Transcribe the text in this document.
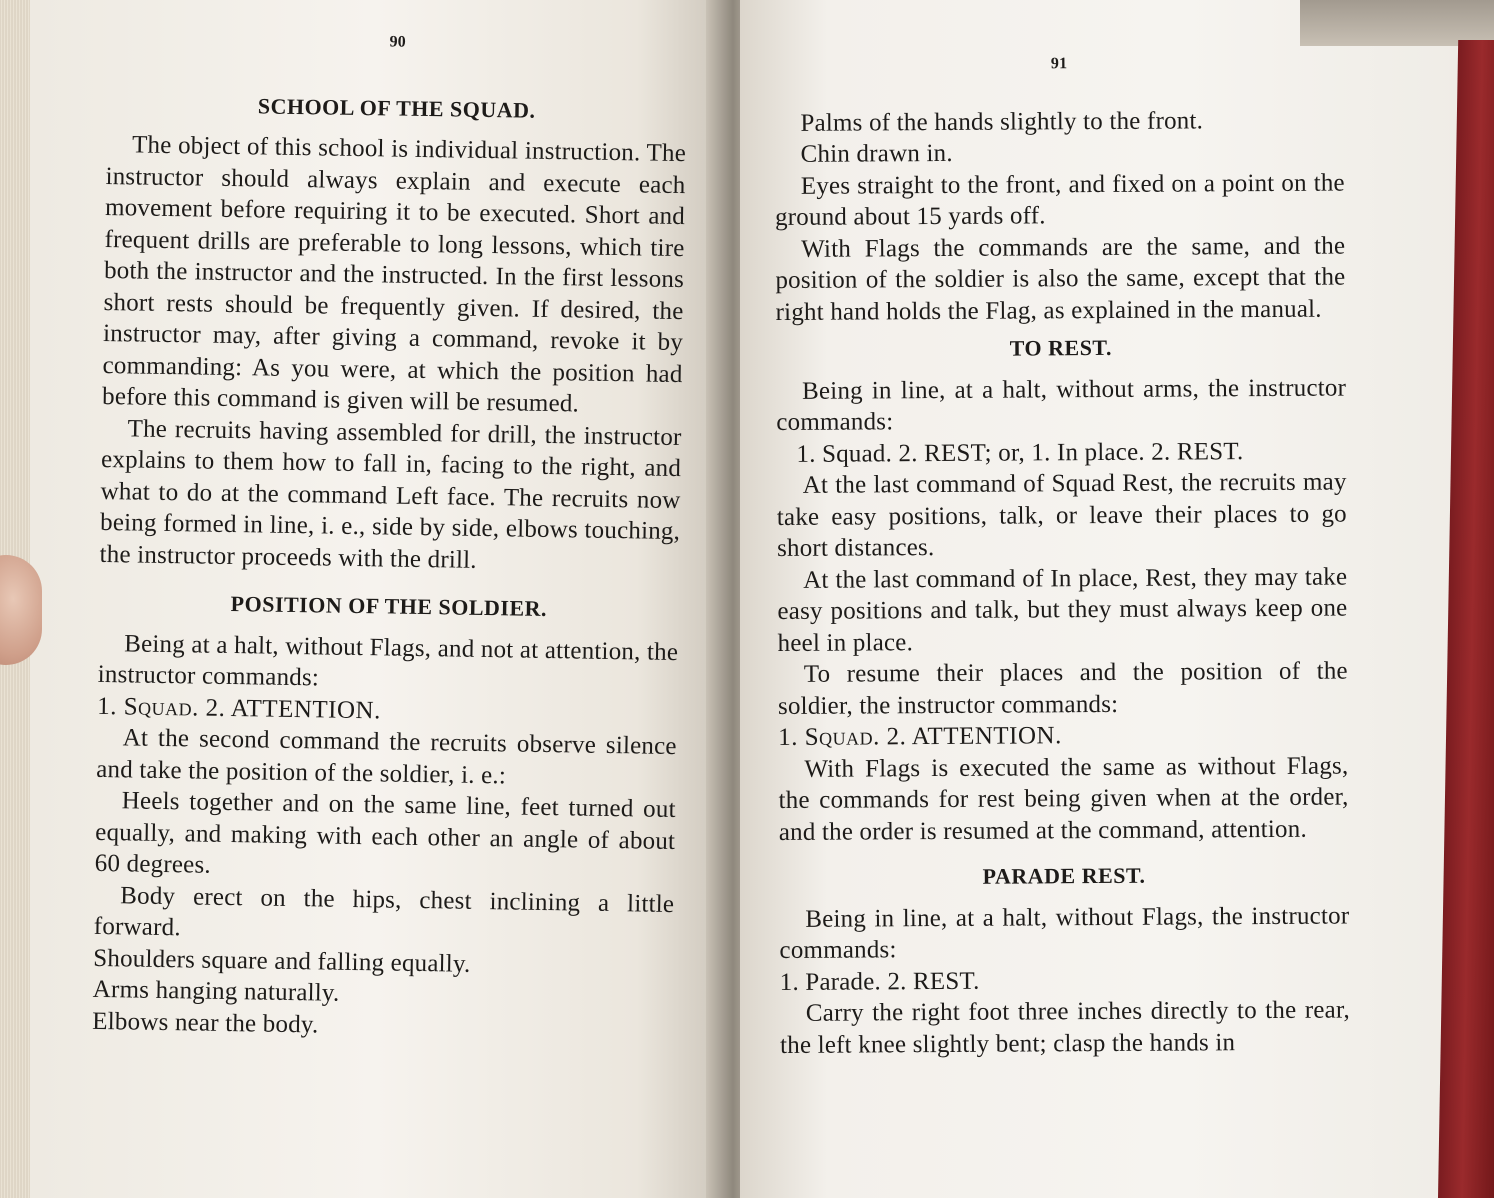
90
SCHOOL OF THE SQUAD.

The object of this school is individual instruction. The instructor should always explain and execute each movement before requiring it to be executed. Short and frequent drills are preferable to long lessons, which tire both the instructor and the instructed. In the first lessons short rests should be frequently given. If desired, the instructor may, after giving a command, revoke it by commanding: As you were, at which the position had before this command is given will be resumed.

The recruits having assembled for drill, the instructor explains to them how to fall in, facing to the right, and what to do at the command Left face. The recruits now being formed in line, i. e., side by side, elbows touching, the instructor proceeds with the drill.

POSITION OF THE SOLDIER.

Being at a halt, without Flags, and not at attention, the instructor commands:

1. Squad. 2. ATTENTION.

At the second command the recruits observe silence and take the position of the soldier, i. e.:

Heels together and on the same line, feet turned out equally, and making with each other an angle of about 60 degrees.

Body erect on the hips, chest inclining a little forward.

Shoulders square and falling equally.

Arms hanging naturally.

Elbows near the body.

91

Palms of the hands slightly to the front.

Chin drawn in.

Eyes straight to the front, and fixed on a point on the ground about 15 yards off.

With Flags the commands are the same, and the position of the soldier is also the same, except that the right hand holds the Flag, as explained in the manual.

TO REST.

Being in line, at a halt, without arms, the instructor commands:

1. Squad. 2. REST; or, 1. In place. 2. REST.

At the last command of Squad Rest, the recruits may take easy positions, talk, or leave their places to go short distances.

At the last command of In place, Rest, they may take easy positions and talk, but they must always keep one heel in place.

To resume their places and the position of the soldier, the instructor commands:

1. Squad. 2. ATTENTION.

With Flags is executed the same as without Flags, the commands for rest being given when at the order, and the order is resumed at the command, attention.

PARADE REST.

Being in line, at a halt, without Flags, the instructor commands:

1. Parade. 2. REST.

Carry the right foot three inches directly to the rear, the left knee slightly bent; clasp the hands in
